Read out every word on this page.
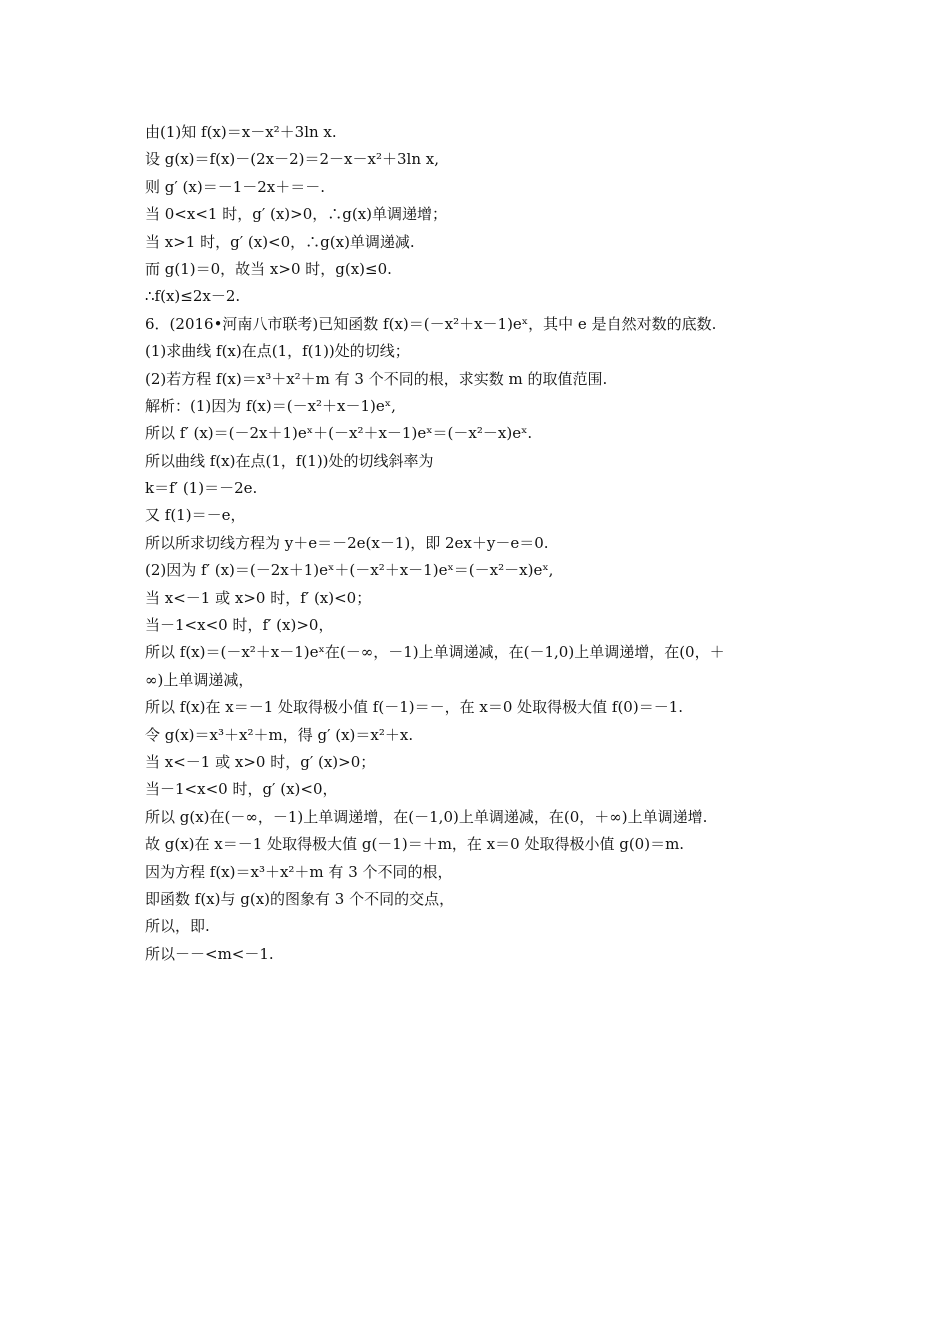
由(1)知 f(x)＝x－x²＋3ln x.
设 g(x)＝f(x)－(2x－2)＝2－x－x²＋3ln x,
则 g′ (x)＝－1－2x＋＝－.
当 0<x<1 时，g′ (x)>0，∴g(x)单调递增；
当 x>1 时，g′ (x)<0，∴g(x)单调递减.
而 g(1)＝0，故当 x>0 时，g(x)≤0.
∴f(x)≤2x－2.
6．(2016•河南八市联考)已知函数 f(x)＝(－x²＋x－1)eˣ，其中 e 是自然对数的底数.
(1)求曲线 f(x)在点(1，f(1))处的切线；
(2)若方程 f(x)＝x³＋x²＋m 有 3 个不同的根，求实数 m 的取值范围.
解析：(1)因为 f(x)＝(－x²＋x－1)eˣ,
所以 f′ (x)＝(－2x＋1)eˣ＋(－x²＋x－1)eˣ＝(－x²－x)eˣ.
所以曲线 f(x)在点(1，f(1))处的切线斜率为
k＝f′ (1)＝－2e.
又 f(1)＝－e，
所以所求切线方程为 y＋e＝－2e(x－1)，即 2ex＋y－e＝0.
(2)因为 f′ (x)＝(－2x＋1)eˣ＋(－x²＋x－1)eˣ＝(－x²－x)eˣ,
当 x<－1 或 x>0 时，f′ (x)<0；
当－1<x<0 时，f′ (x)>0，
所以 f(x)＝(－x²＋x－1)eˣ在(－∞，－1)上单调递减，在(－1,0)上单调递增，在(0，＋
∞)上单调递减，
所以 f(x)在 x＝－1 处取得极小值 f(－1)＝－，在 x＝0 处取得极大值 f(0)＝－1.
令 g(x)＝x³＋x²＋m，得 g′ (x)＝x²＋x.
当 x<－1 或 x>0 时，g′ (x)>0；
当－1<x<0 时，g′ (x)<0，
所以 g(x)在(－∞，－1)上单调递增，在(－1,0)上单调递减，在(0，＋∞)上单调递增.
故 g(x)在 x＝－1 处取得极大值 g(－1)＝＋m，在 x＝0 处取得极小值 g(0)＝m.
因为方程 f(x)＝x³＋x²＋m 有 3 个不同的根，
即函数 f(x)与 g(x)的图象有 3 个不同的交点，
所以，即.
所以－－<m<－1.
